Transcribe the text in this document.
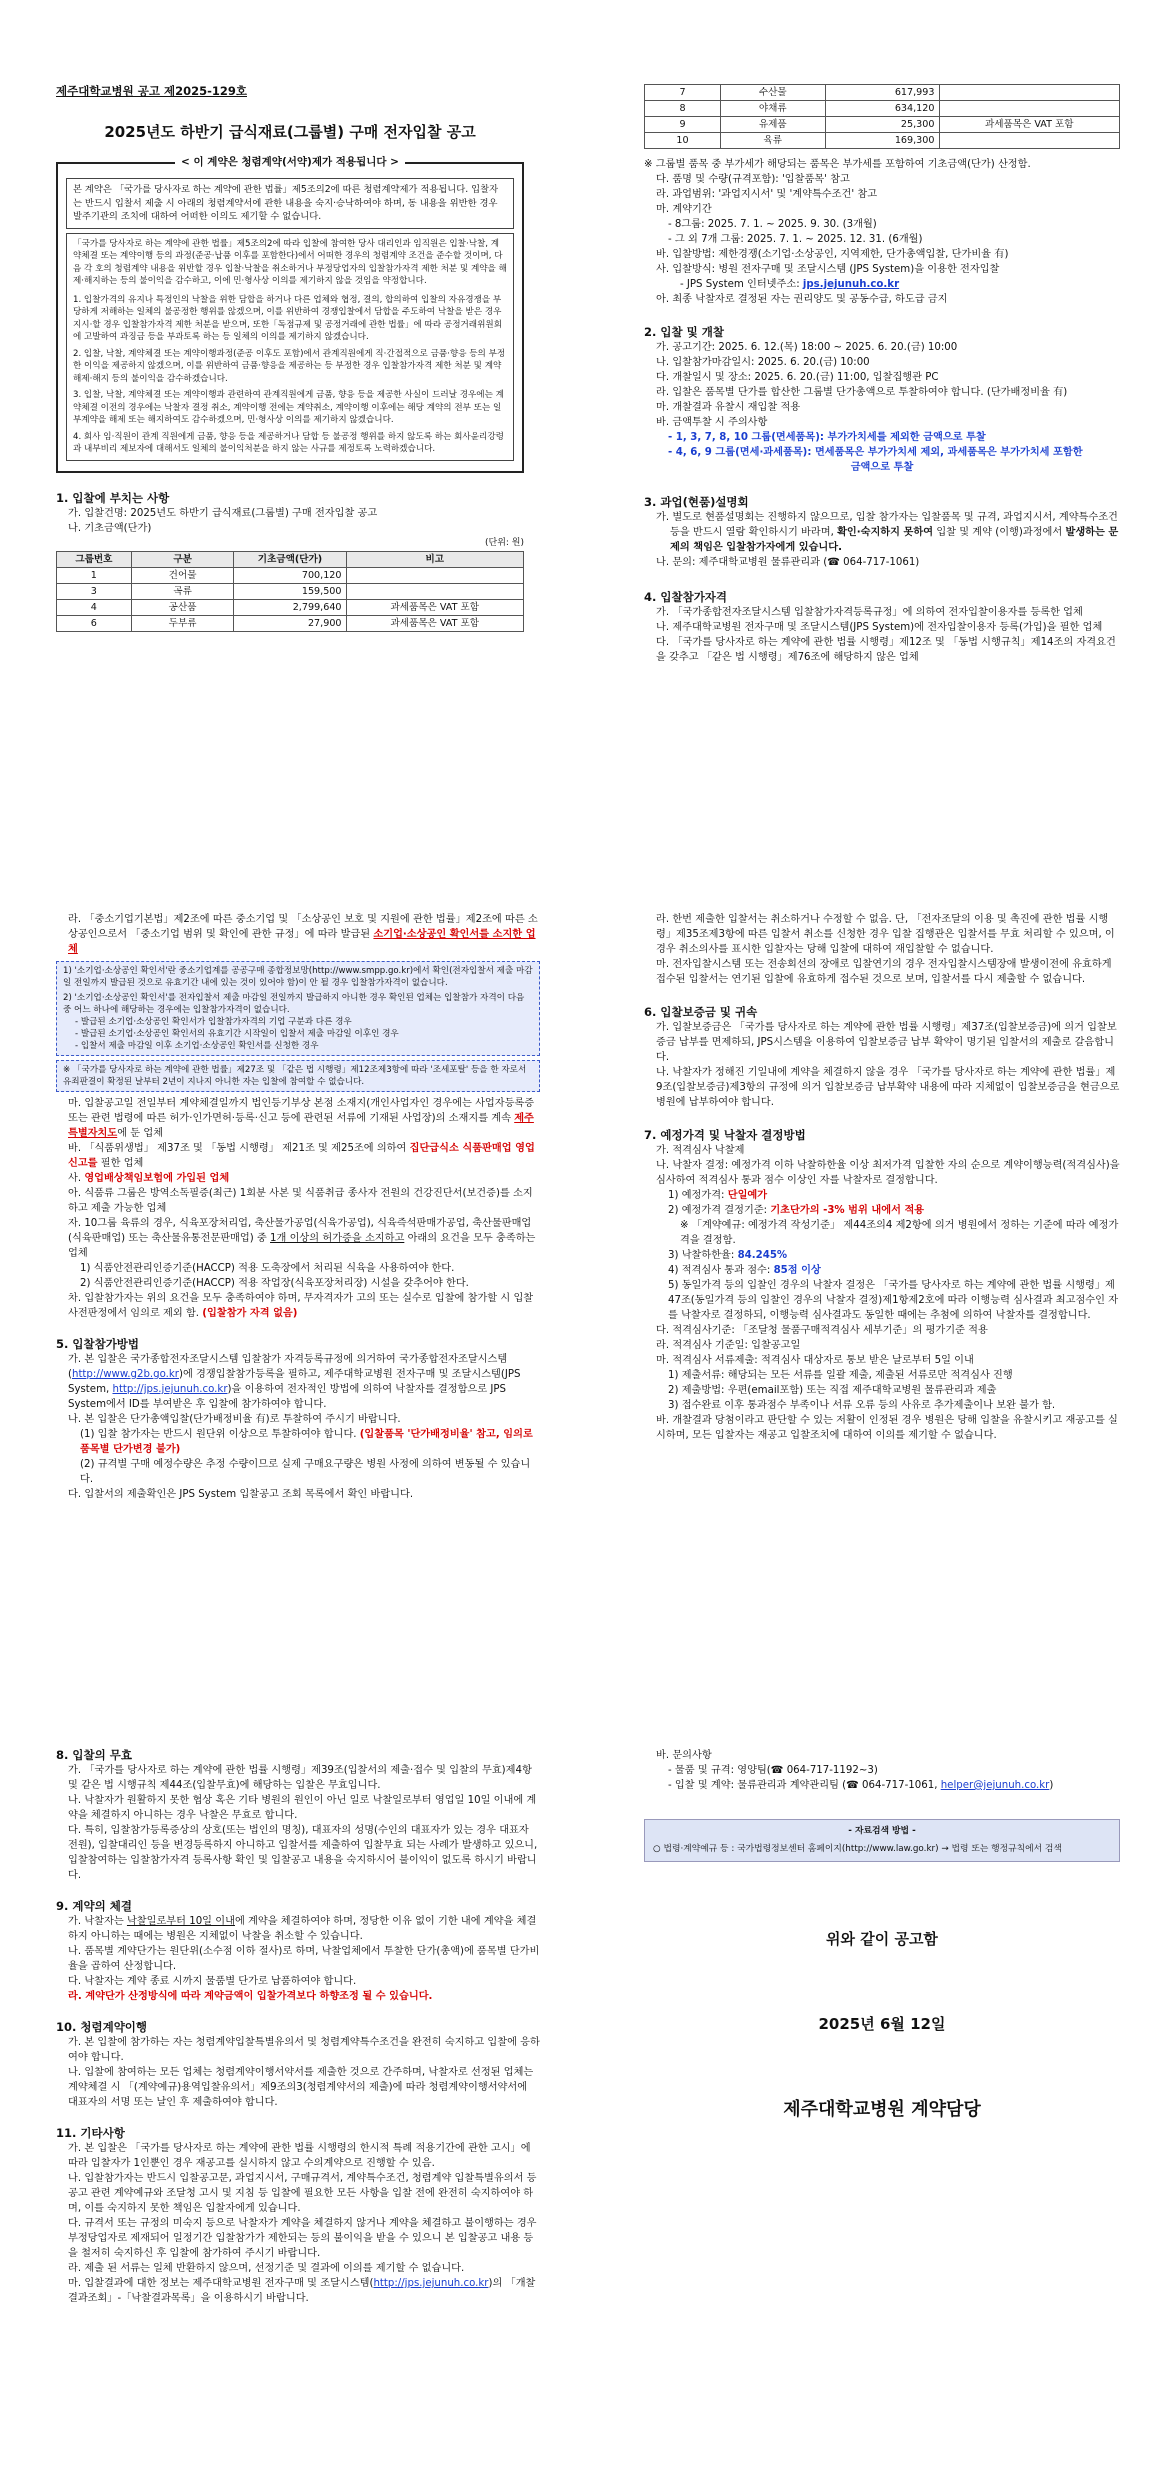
제주대학교병원 공고 제2025-129호

2025년도 하반기 급식재료(그룹별) 구매 전자입찰 공고

< 이 계약은 청렴계약(서약)제가 적용됩니다 >

본 계약은 「국가를 당사자로 하는 계약에 관한 법률」제5조의2에 따른 청렴계약제가 적용됩니다. 입찰자는 반드시 입찰서 제출 시 아래의 청렴계약서에 관한 내용을 숙지·승낙하여야 하며, 동 내용을 위반한 경우 발주기관의 조치에 대하여 어떠한 이의도 제기할 수 없습니다.

「국가를 당사자로 하는 계약에 관한 법률」제5조의2에 따라 입찰에 참여한 당사 대리인과 임직원은 입찰·낙찰, 계약체결 또는 계약이행 등의 과정(준공·납품 이후를 포함한다)에서 어떠한 경우의 청렴계약 조건을 준수할 것이며, 다음 각 호의 청렴계약 내용을 위반할 경우 입찰·낙찰을 취소하거나 부정당업자의 입찰참가자격 제한 처분 및 계약을 해제·해지하는 등의 불이익을 감수하고, 이에 민·형사상 이의를 제기하지 않을 것임을 약정합니다.

1. 입찰가격의 유지나 특정인의 낙찰을 위한 담합을 하거나 다른 업체와 협정, 결의, 합의하여 입찰의 자유경쟁을 부당하게 저해하는 일체의 불공정한 행위를 않겠으며, 이를 위반하여 경쟁입찰에서 담합을 주도하여 낙찰을 받은 경우 지시·할 경우 입찰참가자격 제한 처분을 받으며, 또한「독점규제 및 공정거래에 관한 법률」에 따라 공정거래위원회에 고발하여 과징금 등을 부과토록 하는 등 일체의 이의를 제기하지 않겠습니다.

2. 입찰, 낙찰, 계약체결 또는 계약이행과정(준공 이후도 포함)에서 관계직원에게 직·간접적으로 금품·향응 등의 부정한 이익을 제공하지 않겠으며, 이를 위반하여 금품·향응을 제공하는 등 부정한 경우 입찰참가자격 제한 처분 및 계약해제·해지 등의 불이익을 감수하겠습니다.

3. 입찰, 낙찰, 계약체결 또는 계약이행과 관련하여 관계직원에게 금품, 향응 등을 제공한 사실이 드러날 경우에는 계약체결 이전의 경우에는 낙찰자 결정 취소, 계약이행 전에는 계약취소, 계약이행 이후에는 해당 계약의 전부 또는 일부계약을 해제 또는 해지하여도 감수하겠으며, 민·형사상 이의를 제기하지 않겠습니다.

4. 회사 임·직원이 관계 직원에게 금품, 향응 등을 제공하거나 담합 등 불공정 행위를 하지 않도록 하는 회사윤리강령과 내부비리 제보자에 대해서도 일체의 불이익처분을 하지 않는 사규를 제정토록 노력하겠습니다.

1. 입찰에 부치는 사항

가. 입찰건명: 2025년도 하반기 급식재료(그룹별) 구매 전자입찰 공고

나. 기초금액(단가)

(단위: 원)

그룹번호	구분	기초금액(단가)	비고
1	건어물	700,120	
3	곡류	159,500	
4	공산품	2,799,640	과세품목은 VAT 포함
6	두부류	27,900	과세품목은 VAT 포함
7	수산물	617,993	
8	야채류	634,120	
9	유제품	25,300	과세품목은 VAT 포함
10	육류	169,300	

※ 그룹별 품목 중 부가세가 해당되는 품목은 부가세를 포함하여 기초금액(단가) 산정함.

다. 품명 및 수량(규격포함): '입찰품목' 참고

라. 과업범위: '과업지시서' 및 '계약특수조건' 참고

마. 계약기간

- 8그룹: 2025. 7. 1. ~ 2025. 9. 30. (3개월)

- 그 외 7개 그룹: 2025. 7. 1. ~ 2025. 12. 31. (6개월)

바. 입찰방법: 제한경쟁(소기업·소상공인, 지역제한, 단가총액입찰, 단가비율 有)

사. 입찰방식: 병원 전자구매 및 조달시스템 (JPS System)을 이용한 전자입찰

- JPS System 인터넷주소: jps.jejunuh.co.kr

아. 최종 낙찰자로 결정된 자는 권리양도 및 공동수급, 하도급 금지

2. 입찰 및 개찰

가. 공고기간: 2025. 6. 12.(목) 18:00 ~ 2025. 6. 20.(금) 10:00

나. 입찰참가마감일시: 2025. 6. 20.(금) 10:00

다. 개찰일시 및 장소: 2025. 6. 20.(금) 11:00, 입찰집행관 PC

라. 입찰은 품목별 단가를 합산한 그룹별 단가총액으로 투찰하여야 합니다. (단가배정비율 有)

마. 개찰결과 유찰시 재입찰 적용

바. 금액투찰 시 주의사항

- 1, 3, 7, 8, 10 그룹(면세품목): 부가가치세를 제외한 금액으로 투찰

- 4, 6, 9 그룹(면세·과세품목): 면세품목은 부가가치세 제외, 과세품목은 부가가치세 포함한

금액으로 투찰

3. 과업(현품)설명회

가. 별도로 현품설명회는 진행하지 않으므로, 입찰 참가자는 입찰품목 및 규격, 과업지시서, 계약특수조건 등을 반드시 열람 확인하시기 바라며, 확인·숙지하지 못하여 입찰 및 계약 (이행)과정에서 발생하는 문제의 책임은 입찰참가자에게 있습니다.

나. 문의: 제주대학교병원 물류관리과 (☎ 064-717-1061)

4. 입찰참가자격

가. 「국가종합전자조달시스템 입찰참가자격등록규정」에 의하여 전자입찰이용자를 등록한 업체

나. 제주대학교병원 전자구매 및 조달시스템(JPS System)에 전자입찰이용자 등록(가입)을 필한 업체

다. 「국가를 당사자로 하는 계약에 관한 법률 시행령」제12조 및 「동법 시행규칙」제14조의 자격요건을 갖추고 「같은 법 시행령」제76조에 해당하지 않은 업체

라. 「중소기업기본법」제2조에 따른 중소기업 및 「소상공인 보호 및 지원에 관한 법률」제2조에 따른 소상공인으로서 「중소기업 범위 및 확인에 관한 규정」에 따라 발급된 소기업·소상공인 확인서를 소지한 업체

1) '소기업·소상공인 확인서'란 중소기업계를 공공구매 종합정보망(http://www.smpp.go.kr)에서 확인(전자입찰서 제출 마감일 전일까지 발급된 것으로 유효기간 내에 있는 것이 있어야 함)이 안 될 경우 입찰참가자격이 없습니다.

2) '소기업·소상공인 확인서'를 전자입찰서 제출 마감일 전일까지 발급하지 아니한 경우 확인된 업체는 입찰참가 자격이 다음 중 어느 하나에 해당하는 경우에는 입찰참가자격이 없습니다.

- 발급된 소기업·소상공인 확인서가 입찰참가자격의 기업 구분과 다른 경우

- 발급된 소기업·소상공인 확인서의 유효기간 시작일이 입찰서 제출 마감일 이후인 경우

- 입찰서 제출 마감일 이후 소기업·소상공인 확인서를 신청한 경우

※ 「국가를 당사자로 하는 계약에 관한 법률」제27조 및 「같은 법 시행령」제12조제3항에 따라 '조세포탈' 등을 한 자로서 유죄판결이 확정된 날부터 2년이 지나지 아니한 자는 입찰에 참여할 수 없습니다.

마. 입찰공고일 전일부터 계약체결일까지 법인등기부상 본점 소재지(개인사업자인 경우에는 사업자등록증 또는 관련 법령에 따른 허가·인가면허·등록·신고 등에 관련된 서류에 기재된 사업장)의 소재지를 계속 제주특별자치도에 둔 업체

바. 「식품위생법」 제37조 및 「동법 시행령」 제21조 및 제25조에 의하여 집단급식소 식품판매업 영업신고를 필한 업체

사. 영업배상책임보험에 가입된 업체

아. 식품류 그룹은 방역소독필증(최근) 1회분 사본 및 식품취급 종사자 전원의 건강진단서(보건증)를 소지하고 제출 가능한 업체

자. 10그룹 육류의 경우, 식육포장처리업, 축산물가공업(식육가공업), 식육즉석판매가공업, 축산물판매업(식육판매업) 또는 축산물유통전문판매업) 중 1개 이상의 허가증을 소지하고 아래의 요건을 모두 충족하는 업체

1) 식품안전관리인증기준(HACCP) 적용 도축장에서 처리된 식육을 사용하여야 한다.

2) 식품안전관리인증기준(HACCP) 적용 작업장(식육포장처리장) 시설을 갖추어야 한다.

차. 입찰참가자는 위의 요건을 모두 충족하여야 하며, 무자격자가 고의 또는 실수로 입찰에 참가할 시 입찰 사전판정에서 임의로 제외 함. (입찰참가 자격 없음)

5. 입찰참가방법

가. 본 입찰은 국가종합전자조달시스템 입찰참가 자격등록규정에 의거하여 국가종합전자조달시스템(http://www.g2b.go.kr)에 경쟁입찰참가등록을 필하고, 제주대학교병원 전자구매 및 조달시스템(JPS System, http://jps.jejunuh.co.kr)을 이용하여 전자적인 방법에 의하여 낙찰자를 결정함으로 JPS System에서 ID를 부여받은 후 입찰에 참가하여야 합니다.

나. 본 입찰은 단가총액입찰(단가배정비율 有)로 투찰하여 주시기 바랍니다.

(1) 입찰 참가자는 반드시 원단위 이상으로 투찰하여야 합니다. (입찰품목 '단가배정비율' 참고, 임의로 품목별 단가변경 불가)

(2) 규격별 구매 예정수량은 추정 수량이므로 실제 구매요구량은 병원 사정에 의하여 변동될 수 있습니다.

다. 입찰서의 제출확인은 JPS System 입찰공고 조회 목록에서 확인 바랍니다.

라. 한번 제출한 입찰서는 취소하거나 수정할 수 없음. 단, 「전자조달의 이용 및 촉진에 관한 법률 시행령」제35조제3항에 따른 입찰서 취소를 신청한 경우 입찰 집행관은 입찰서를 무효 처리할 수 있으며, 이 경우 취소의사를 표시한 입찰자는 당해 입찰에 대하여 재입찰할 수 없습니다.

마. 전자입찰시스템 또는 전송회선의 장애로 입찰연기의 경우 전자입찰시스템장애 발생이전에 유효하게 접수된 입찰서는 연기된 입찰에 유효하게 접수된 것으로 보며, 입찰서를 다시 제출할 수 없습니다.

6. 입찰보증금 및 귀속

가. 입찰보증금은 「국가를 당사자로 하는 계약에 관한 법률 시행령」제37조(입찰보증금)에 의거 입찰보증금 납부를 면제하되, JPS시스템을 이용하여 입찰보증금 납부 확약이 명기된 입찰서의 제출로 갈음합니다.

나. 낙찰자가 정해진 기일내에 계약을 체결하지 않을 경우 「국가를 당사자로 하는 계약에 관한 법률」제9조(입찰보증금)제3항의 규정에 의거 입찰보증금 납부확약 내용에 따라 지체없이 입찰보증금을 현금으로 병원에 납부하여야 합니다.

7. 예정가격 및 낙찰자 결정방법

가. 적격심사 낙찰제

나. 낙찰자 결정: 예정가격 이하 낙찰하한율 이상 최저가격 입찰한 자의 순으로 계약이행능력(적격심사)을 심사하여 적격심사 통과 점수 이상인 자를 낙찰자로 결정합니다.

1) 예정가격: 단일예가

2) 예정가격 결정기준: 기초단가의 -3% 범위 내에서 적용

※ 「계약예규: 예정가격 작성기준」 제44조의4 제2항에 의거 병원에서 정하는 기준에 따라 예정가격을 결정함.

3) 낙찰하한율: 84.245%

4) 적격심사 통과 점수: 85점 이상

5) 동일가격 등의 입찰인 경우의 낙찰자 결정은 「국가를 당사자로 하는 계약에 관한 법률 시행령」제47조(동일가격 등의 입찰인 경우의 낙찰자 결정)제1항제2호에 따라 이행능력 심사결과 최고점수인 자를 낙찰자로 결정하되, 이행능력 심사결과도 동일한 때에는 추첨에 의하여 낙찰자를 결정합니다.

다. 적격심사기준: 「조달청 물품구매적격심사 세부기준」의 평가기준 적용

라. 적격심사 기준일: 입찰공고일

마. 적격심사 서류제출: 적격심사 대상자로 통보 받은 날로부터 5일 이내

1) 제출서류: 해당되는 모든 서류를 일괄 제출, 제출된 서류로만 적격심사 진행

2) 제출방법: 우편(email포함) 또는 직접 제주대학교병원 물류관리과 제출

3) 접수완료 이후 통과점수 부족이나 서류 오류 등의 사유로 추가제출이나 보완 불가 함.

바. 개찰결과 당첨이라고 판단할 수 있는 저활이 인정된 경우 병원은 당해 입찰을 유찰시키고 재공고를 실시하며, 모든 입찰자는 재공고 입찰조치에 대하여 이의를 제기할 수 없습니다.

8. 입찰의 무효

가. 「국가를 당사자로 하는 계약에 관한 법률 시행령」제39조(입찰서의 제출·접수 및 입찰의 무효)제4항 및 같은 법 시행규칙 제44조(입찰무효)에 해당하는 입찰은 무효입니다.

나. 낙찰자가 원활하지 못한 협상 혹은 기타 병원의 원인이 아닌 일로 낙찰일로부터 영업일 10일 이내에 계약을 체결하지 아니하는 경우 낙찰은 무효로 합니다.

다. 특히, 입찰참가등록증상의 상호(또는 법인의 명칭), 대표자의 성명(수인의 대표자가 있는 경우 대표자 전원), 입찰대리인 등을 변경등록하지 아니하고 입찰서를 제출하여 입찰무효 되는 사례가 발생하고 있으니, 입찰참여하는 입찰참가자격 등록사항 확인 및 입찰공고 내용을 숙지하시어 불이익이 없도록 하시기 바랍니다.

9. 계약의 체결

가. 낙찰자는 낙찰일로부터 10일 이내에 계약을 체결하여야 하며, 정당한 이유 없이 기한 내에 계약을 체결하지 아니하는 때에는 병원은 지체없이 낙찰을 취소할 수 있습니다.

나. 품목별 계약단가는 원단위(소수점 이하 절사)로 하며, 낙찰업체에서 투찰한 단가(총액)에 품목별 단가비율을 곱하여 산정합니다.

다. 낙찰자는 계약 종료 시까지 물품별 단가로 납품하여야 합니다.

라. 계약단가 산정방식에 따라 계약금액이 입찰가격보다 하향조정 될 수 있습니다.

10. 청렴계약이행

가. 본 입찰에 참가하는 자는 청렴계약입찰특별유의서 및 청렴계약특수조건을 완전히 숙지하고 입찰에 응하여야 합니다.

나. 입찰에 참여하는 모든 업체는 청렴계약이행서약서를 제출한 것으로 간주하며, 낙찰자로 선정된 업체는 계약체결 시 「(계약예규)용역입찰유의서」제9조의3(청렴계약서의 제출)에 따라 청렴계약이행서약서에 대표자의 서명 또는 날인 후 제출하여야 합니다.

11. 기타사항

가. 본 입찰은 「국가를 당사자로 하는 계약에 관한 법률 시행령의 한시적 특례 적용기간에 관한 고시」에 따라 입찰자가 1인뿐인 경우 재공고를 실시하지 않고 수의계약으로 진행할 수 있음.

나. 입찰참가자는 반드시 입찰공고문, 과업지시서, 구매규격서, 계약특수조건, 청렴계약 입찰특별유의서 등 공고 관련 계약예규와 조달청 고시 및 지침 등 입찰에 필요한 모든 사항을 입찰 전에 완전히 숙지하여야 하며, 이를 숙지하지 못한 책임은 입찰자에게 있습니다.

다. 규격서 또는 규정의 미숙지 등으로 낙찰자가 계약을 체결하지 않거나 계약을 체결하고 불이행하는 경우 부정당업자로 제재되어 일정기간 입찰참가가 제한되는 등의 불이익을 받을 수 있으니 본 입찰공고 내용 등을 철저히 숙지하신 후 입찰에 참가하여 주시기 바랍니다.

라. 제출 된 서류는 일체 반환하지 않으며, 선정기준 및 결과에 이의를 제기할 수 없습니다.

마. 입찰결과에 대한 정보는 제주대학교병원 전자구매 및 조달시스템(http://jps.jejunuh.co.kr)의 「개찰결과조회」-「낙찰결과목록」을 이용하시기 바랍니다.

바. 문의사항

- 물품 및 규격: 영양팀(☎ 064-717-1192~3)

- 입찰 및 계약: 물류관리과 계약관리팀 (☎ 064-717-1061, helper@jejunuh.co.kr)

- 자료검색 방법 -

○ 법령·계약예규 등 : 국가법령정보센터 홈페이지(http://www.law.go.kr) → 법령 또는 행정규칙에서 검색

위와 같이 공고함

2025년 6월 12일

제주대학교병원 계약담당
